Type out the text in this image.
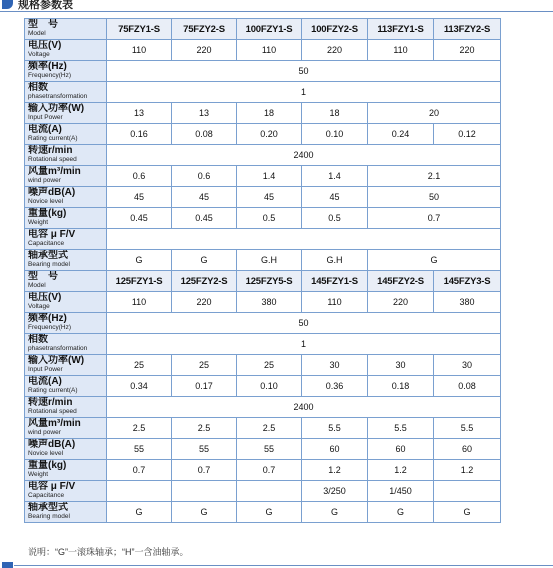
规格参数表
型　号
Model	75FZY1-S	75FZY2-S	100FZY1-S	100FZY2-S	113FZY1-S	113FZY2-S

电压(V)
Voltage	110	220	110	220	110	220

频率(Hz)
Frequency(Hz)	50					

相数
phasetransformation	1					

输入功率(W)
Input Power	13	13	18	18	20	

电流(A)
Rating current(A)	0.16	0.08	0.20	0.10	0.24	0.12

转速r/min
Rotational speed	2400					

风量m³/min
wind power	0.6	0.6	1.4	1.4	2.1	

噪声dB(A)
Novice level	45	45	45	45	50	

重量(kg)
Weight	0.45	0.45	0.5	0.5	0.7	

电容 μ F/V
Capacitance						

轴承型式
Bearing model	G	G	G.H	G.H	G	

型　号
Model	125FZY1-S	125FZY2-S	125FZY5-S	145FZY1-S	145FZY2-S	145FZY3-S

电压(V)
Voltage	110	220	380	110	220	380

频率(Hz)
Frequency(Hz)	50					

相数
phasetransformation	1					

输入功率(W)
Input Power	25	25	25	30	30	30

电流(A)
Rating current(A)	0.34	0.17	0.10	0.36	0.18	0.08

转速r/min
Rotational speed	2400					

风量m³/min
wind power	2.5	2.5	2.5	5.5	5.5	5.5

噪声dB(A)
Novice level	55	55	55	60	60	60

重量(kg)
Weight	0.7	0.7	0.7	1.2	1.2	1.2

电容 μ F/V
Capacitance				3/250	1/450	

轴承型式
Bearing model	G	G	G	G	G	G
说明：“G”一滚珠轴承；“H”一含油轴承。
